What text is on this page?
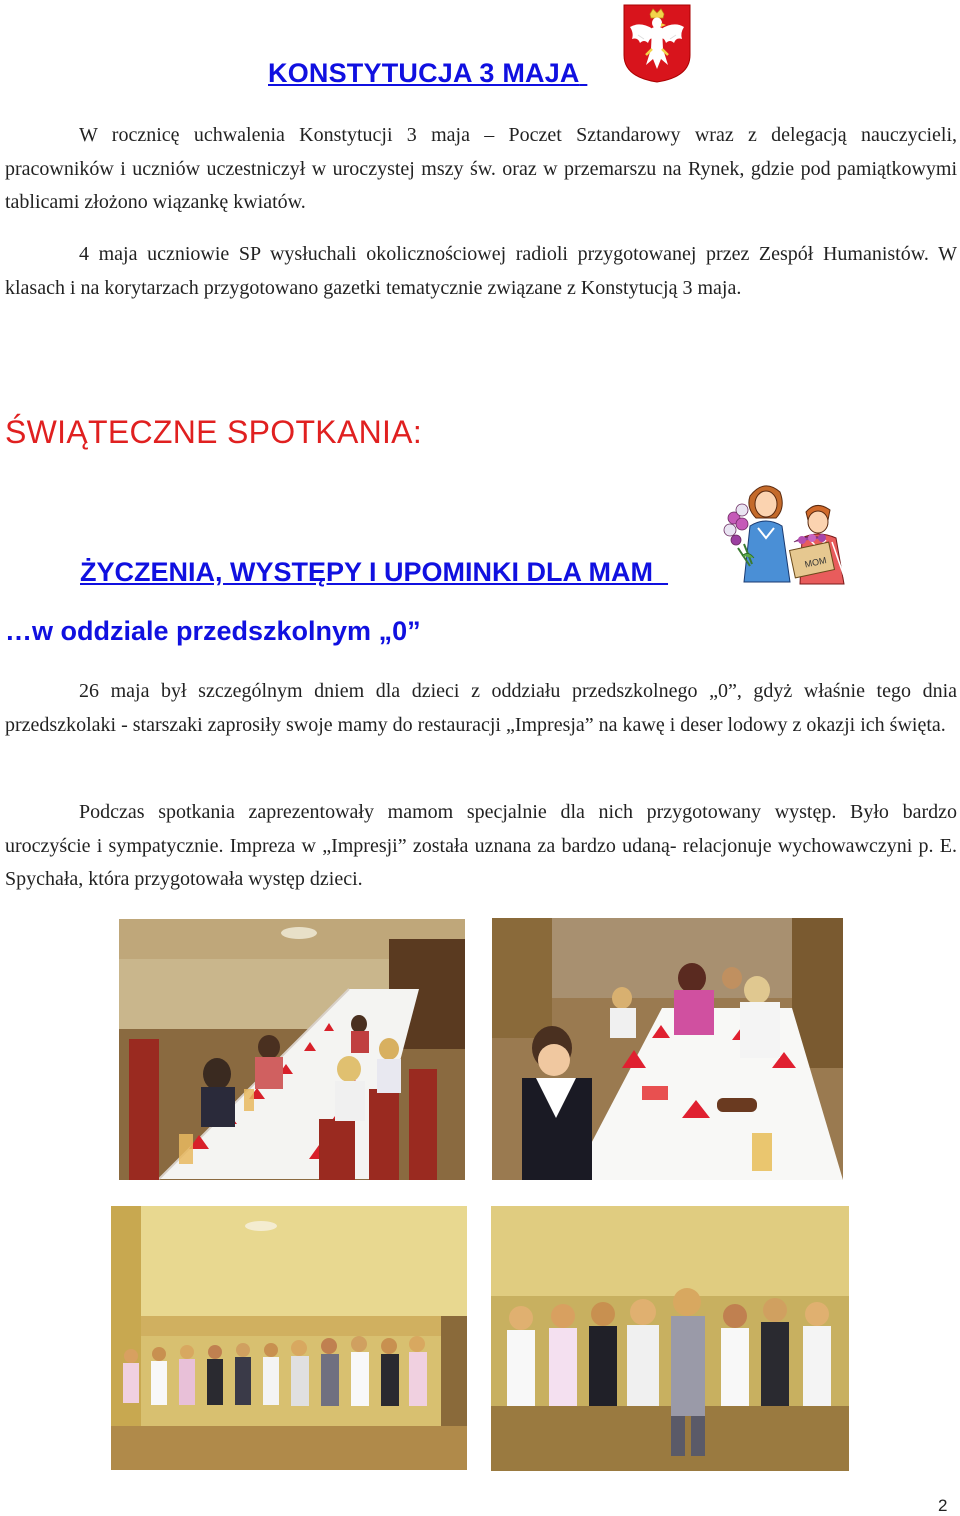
KONSTYTUCJA 3 MAJA
W rocznicę uchwalenia Konstytucji 3 maja – Poczet Sztandarowy wraz z delegacją nauczycieli, pracowników i uczniów uczestniczył w uroczystej mszy św. oraz w przemarszu na Rynek, gdzie pod pamiątkowymi tablicami złożono wiązankę kwiatów.
4 maja uczniowie SP wysłuchali okolicznościowej radioli przygotowanej przez Zespół Humanistów. W klasach i na korytarzach przygotowano gazetki tematycznie związane z Konstytucją 3 maja.
ŚWIĄTECZNE SPOTKANIA:
ŻYCZENIA, WYSTĘPY I UPOMINKI DLA MAM	MOM
…w oddziale przedszkolnym „0”
26 maja był szczególnym dniem dla dzieci z oddziału przedszkolnego „0”, gdyż właśnie tego dnia przedszkolaki - starszaki zaprosiły swoje mamy do restauracji „Impresja” na kawę i deser lodowy z okazji ich święta.
Podczas spotkania zaprezentowały mamom specjalnie dla nich przygotowany występ. Było bardzo uroczyście i sympatycznie. Impreza w „Impresji” została uznana za bardzo udaną- relacjonuje wychowawczyni p. E. Spychała, która przygotowała występ dzieci.
2
